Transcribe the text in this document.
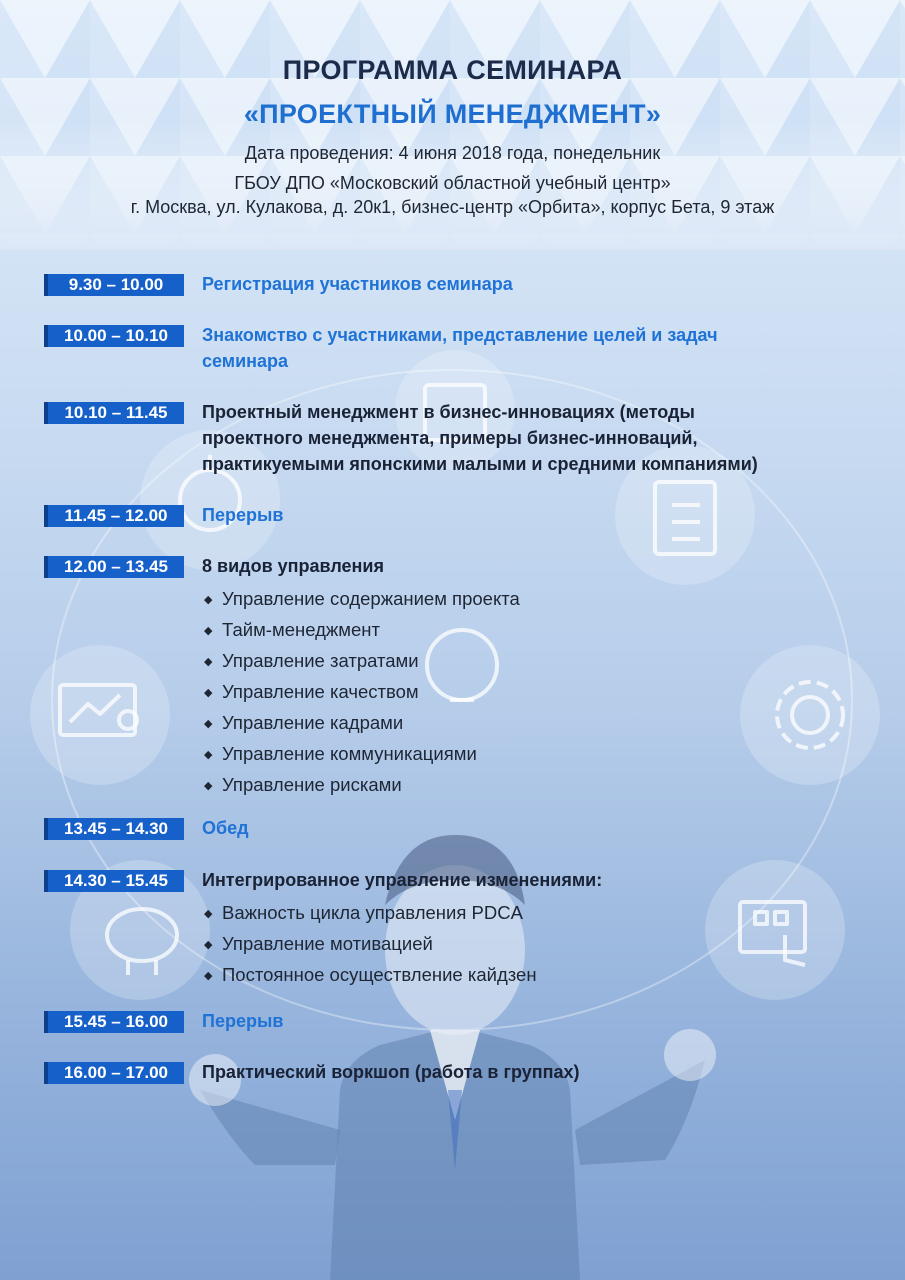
ПРОГРАММА СЕМИНАРА
«ПРОЕКТНЫЙ МЕНЕДЖМЕНТ»
Дата проведения: 4 июня 2018 года, понедельник
ГБОУ ДПО «Московский областной учебный центр»
г. Москва, ул. Кулакова, д. 20к1, бизнес-центр «Орбита», корпус Бета, 9 этаж
9.30 – 10.00	Регистрация участников семинара
10.00 – 10.10	Знакомство с участниками, представление целей и задач
семинара
10.10 – 11.45	Проектный менеджмент в бизнес-инновациях (методы
проектного менеджмента, примеры бизнес-инноваций,
практикуемыми японскими малыми и средними компаниями)
11.45 – 12.00	Перерыв
12.00 – 13.45	8 видов управления
◆ Управление содержанием проекта
◆ Тайм-менеджмент
◆ Управление затратами
◆ Управление качеством
◆ Управление кадрами
◆ Управление коммуникациями
◆ Управление рисками
13.45 – 14.30	Обед
14.30 – 15.45	Интегрированное управление изменениями:
◆ Важность цикла управления PDCA
◆ Управление мотивацией
◆ Постоянное осуществление кайдзен
15.45 – 16.00	Перерыв
16.00 – 17.00	Практический воркшоп (работа в группах)
